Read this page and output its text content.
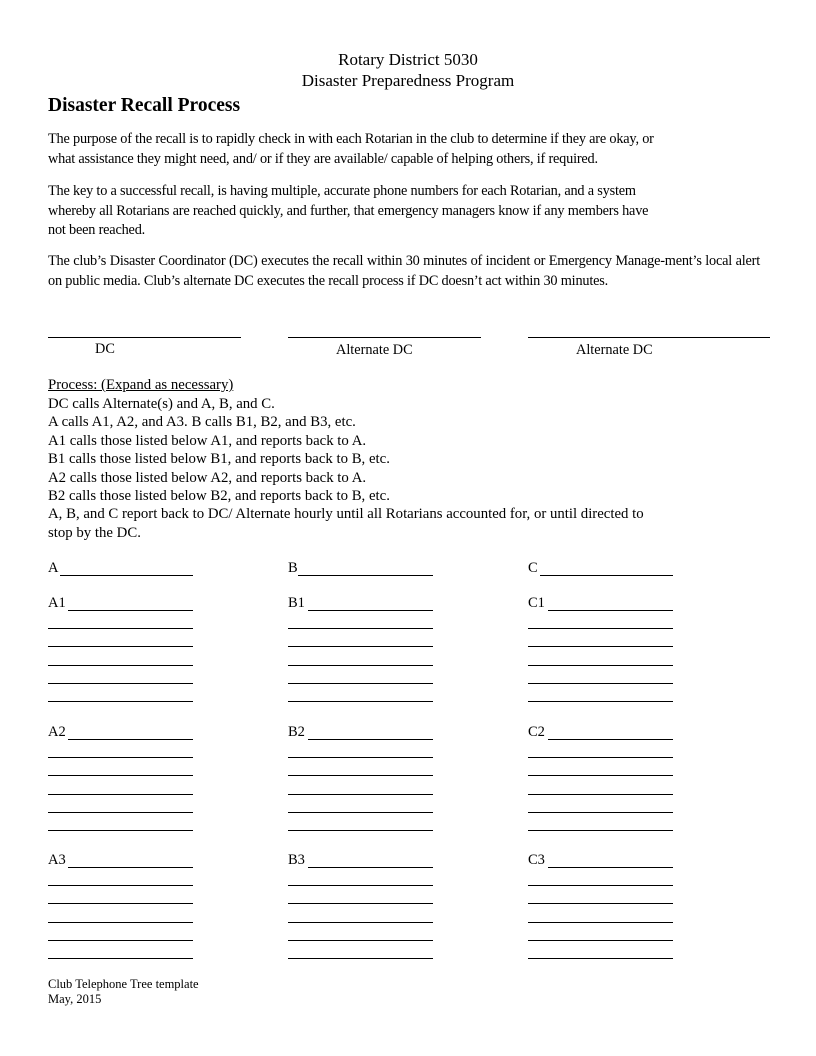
Rotary District 5030
Disaster Preparedness Program
Disaster Recall Process
The purpose of the recall is to rapidly check in with each Rotarian in the club to determine if they are okay, or
what assistance they might need, and/ or if they are available/ capable of helping others, if required.
The key to a successful recall, is having multiple, accurate phone numbers for each Rotarian, and a system
whereby all Rotarians are reached quickly, and further, that emergency managers know if any members have
not been reached.
The club’s Disaster Coordinator (DC) executes the recall within 30 minutes of incident or Emergency Manage-ment’s local alert on public media. Club’s alternate DC executes the recall process if DC doesn’t act within 30 minutes.
DC	Alternate DC	Alternate DC
Process: (Expand as necessary)
DC calls Alternate(s) and A, B, and C.
A calls A1, A2, and A3. B calls B1, B2, and B3, etc.
A1 calls those listed below A1, and reports back to A.
B1 calls those listed below B1, and reports back to B, etc.
A2 calls those listed below A2, and reports back to A.
B2 calls those listed below B2, and reports back to B, etc.
A, B, and C report back to DC/ Alternate hourly until all Rotarians accounted for, or until directed to
stop by the DC.
A	B	C
A1	B1	C1
A2	B2	C2
A3	B3	C3
Club Telephone Tree template
May, 2015
